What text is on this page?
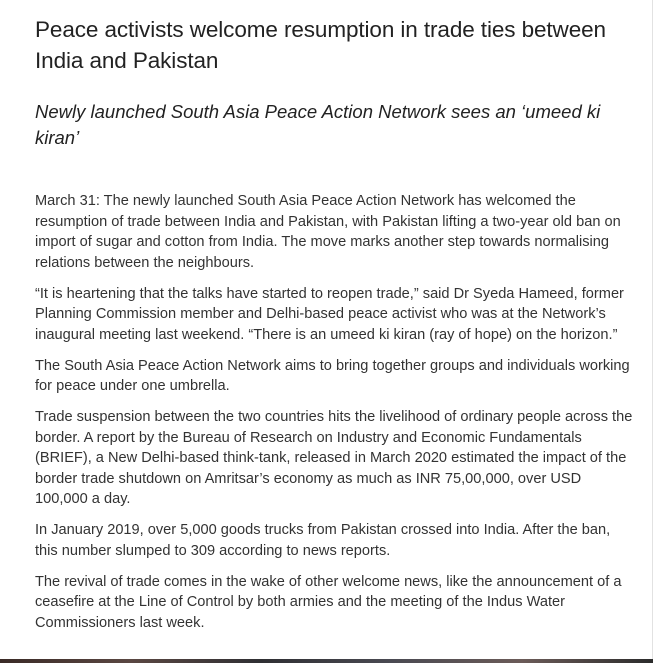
Peace activists welcome resumption in trade ties between India and Pakistan
Newly launched South Asia Peace Action Network sees an ‘umeed ki kiran’

March 31: The newly launched South Asia Peace Action Network has welcomed the resumption of trade between India and Pakistan, with Pakistan lifting a two-year old ban on import of sugar and cotton from India. The move marks another step towards normalising relations between the neighbours.

“It is heartening that the talks have started to reopen trade,” said Dr Syeda Hameed, former Planning Commission member and Delhi-based peace activist who was at the Network’s inaugural meeting last weekend. “There is an umeed ki kiran (ray of hope) on the horizon.”

The South Asia Peace Action Network aims to bring together groups and individuals working for peace under one umbrella.

Trade suspension between the two countries hits the livelihood of ordinary people across the border. A report by the Bureau of Research on Industry and Economic Fundamentals (BRIEF), a New Delhi-based think-tank, released in March 2020 estimated the impact of the border trade shutdown on Amritsar’s economy as much as INR 75,00,000, over USD 100,000 a day.

In January 2019, over 5,000 goods trucks from Pakistan crossed into India. After the ban, this number slumped to 309 according to news reports.

The revival of trade comes in the wake of other welcome news, like the announcement of a ceasefire at the Line of Control by both armies and the meeting of the Indus Water Commissioners last week.
